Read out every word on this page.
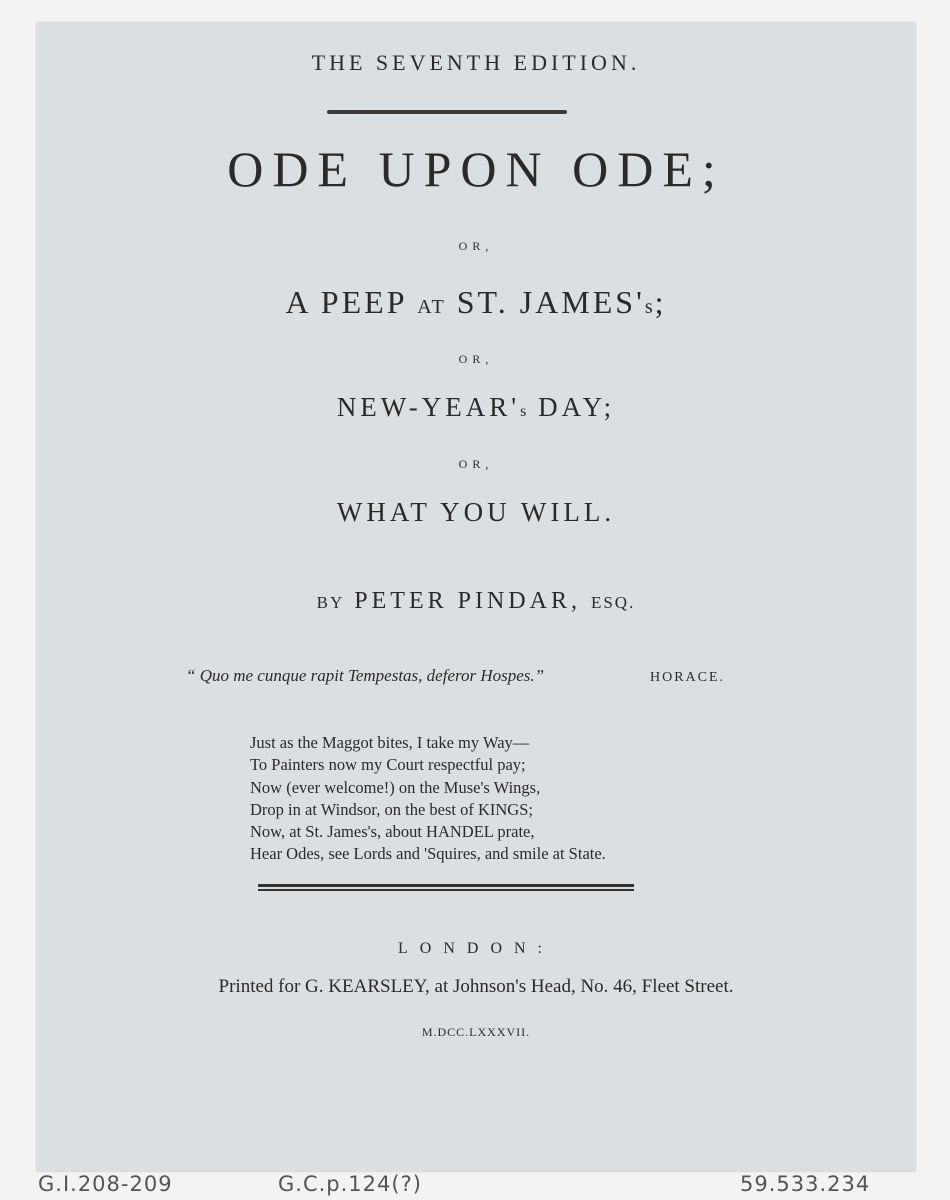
THE SEVENTH EDITION.
ODE UPON ODE;
OR,
A PEEP AT ST. JAMES's;
OR,
NEW-YEAR's DAY;
OR,
WHAT YOU WILL.
BY PETER PINDAR, ESQ.
“ Quo me cunque rapit Tempestas, deferor Hospes.”	HORACE.
Just as the Maggot bites, I take my Way—
To Painters now my Court respectful pay;
Now (ever welcome!) on the Muse's Wings,
Drop in at Windsor, on the best of KINGS;
Now, at St. James's, about HANDEL prate,
Hear Odes, see Lords and 'Squires, and smile at State.
LONDON:
Printed for G. KEARSLEY, at Johnson's Head, No. 46, Fleet Street.
M.DCC.LXXXVII.
G.I.208-209	G.C.p.124(?)	59.533.234
